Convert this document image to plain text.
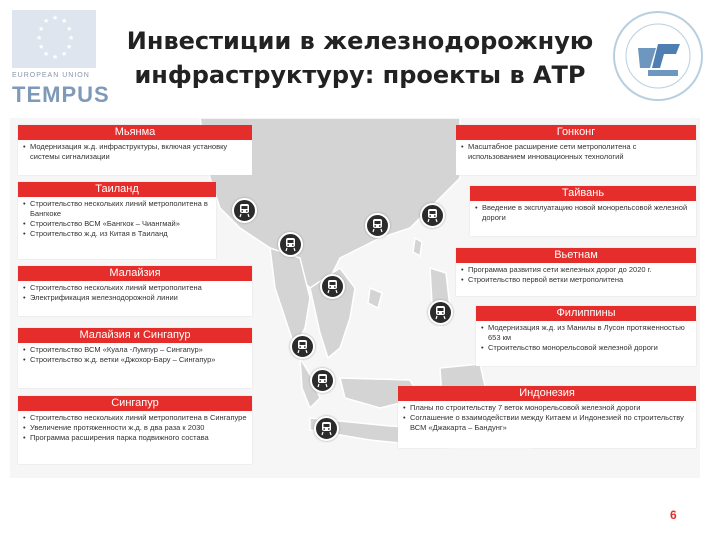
★ ★
★
★
★
★
★
★
★
★
★
★
EUROPEAN UNION
TEMPUS
Инвестиции в железнодорожную
инфраструктуру: проекты в АТР
Мьянма
• Модернизация ж.д. инфраструктуры, включая установку системы сигнализации
Таиланд
• Строительство нескольких линий метрополитена в Бангкоке
• Строительство ВСМ «Бангкок – Чиангмай»
• Строительство ж.д. из Китая в Таиланд
Малайзия
• Строительство нескольких линий метрополитена
• Электрификация железнодорожной линии
Малайзия и Сингапур
• Строительство ВСМ «Куала -Лумпур – Сингапур»
• Строительство ж.д. ветки «Джохор-Бару – Сингапур»
Сингапур
• Строительство нескольких линий метрополитена в Сингапуре
• Увеличение протяженности ж.д. в два раза к 2030
• Программа расширения парка подвижного состава
Гонконг
• Масштабное расширение сети метрополитена с использованием инновационных технологий
Тайвань
• Введение в эксплуатацию новой монорельсовой железной дороги
Вьетнам
• Программа развития сети железных дорог до 2020 г.
• Строительство первой ветки метрополитена
Филиппины
• Модернизация ж.д. из Манилы в Лусон протяженностью 653 км
• Строительство монорельсовой железной дороги
Индонезия
• Планы по строительству 7 веток монорельсовой железной дороги
• Соглашение о взаимодействии между Китаем и Индонезией по строительству ВСМ «Джакарта – Бандунг»
6
